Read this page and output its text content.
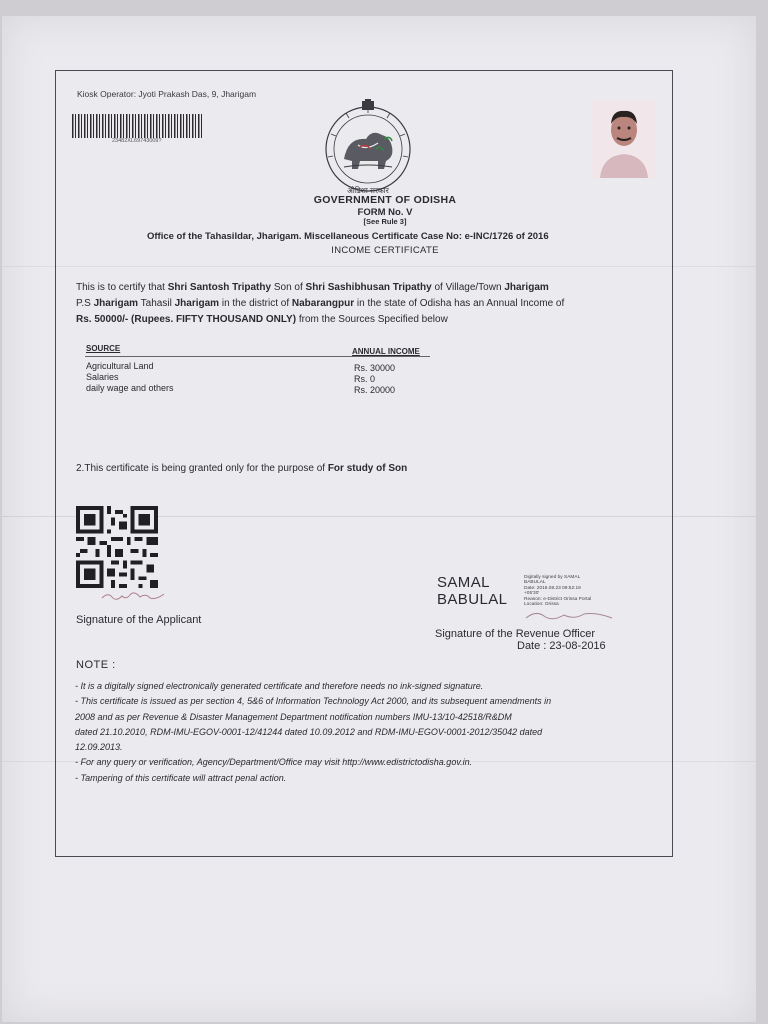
Kiosk Operator: Jyoti Prakash Das, 9, Jharigam
23482XL69743009?
ओडिशा सरकार
GOVERNMENT OF ODISHA
FORM No. V
[See Rule 3]
Office of the Tahasildar, Jharigam. Miscellaneous Certificate Case No: e-INC/1726 of 2016
INCOME CERTIFICATE
This is to certify that Shri Santosh Tripathy Son of Shri Sashibhusan Tripathy of Village/Town Jharigam
P.S Jharigam Tahasil Jharigam in the district of Nabarangpur in the state of Odisha has an Annual Income of
Rs. 50000/- (Rupees. FIFTY THOUSAND ONLY) from the Sources Specified below
SOURCE	ANNUAL INCOME
Agricultural Land	Rs. 30000
Salaries	Rs. 0
daily wage and others	Rs. 20000
2.This certificate is being granted only for the purpose of For study of Son
Signature of the Applicant
SAMAL
BABULAL
Digitally signed by SAMAL
BABULAL
Date: 2016.08.23 09:52:19
+05'30'
Reason: e-District Orissa Portal
Location: Orissa
Signature of the Revenue Officer
Date : 23-08-2016
NOTE :
- It is a digitally signed electronically generated certificate and therefore needs no ink-signed signature.
- This certificate is issued as per section 4, 5&6 of Information Technology Act 2000, and its subsequent amendments in
2008 and as per Revenue & Disaster Management Department notification numbers IMU-13/10-42518/R&DM
dated 21.10.2010, RDM-IMU-EGOV-0001-12/41244 dated 10.09.2012 and RDM-IMU-EGOV-0001-2012/35042 dated
12.09.2013.
- For any query or verification, Agency/Department/Office may visit http://www.edistrictodisha.gov.in.
- Tampering of this certificate will attract penal action.
